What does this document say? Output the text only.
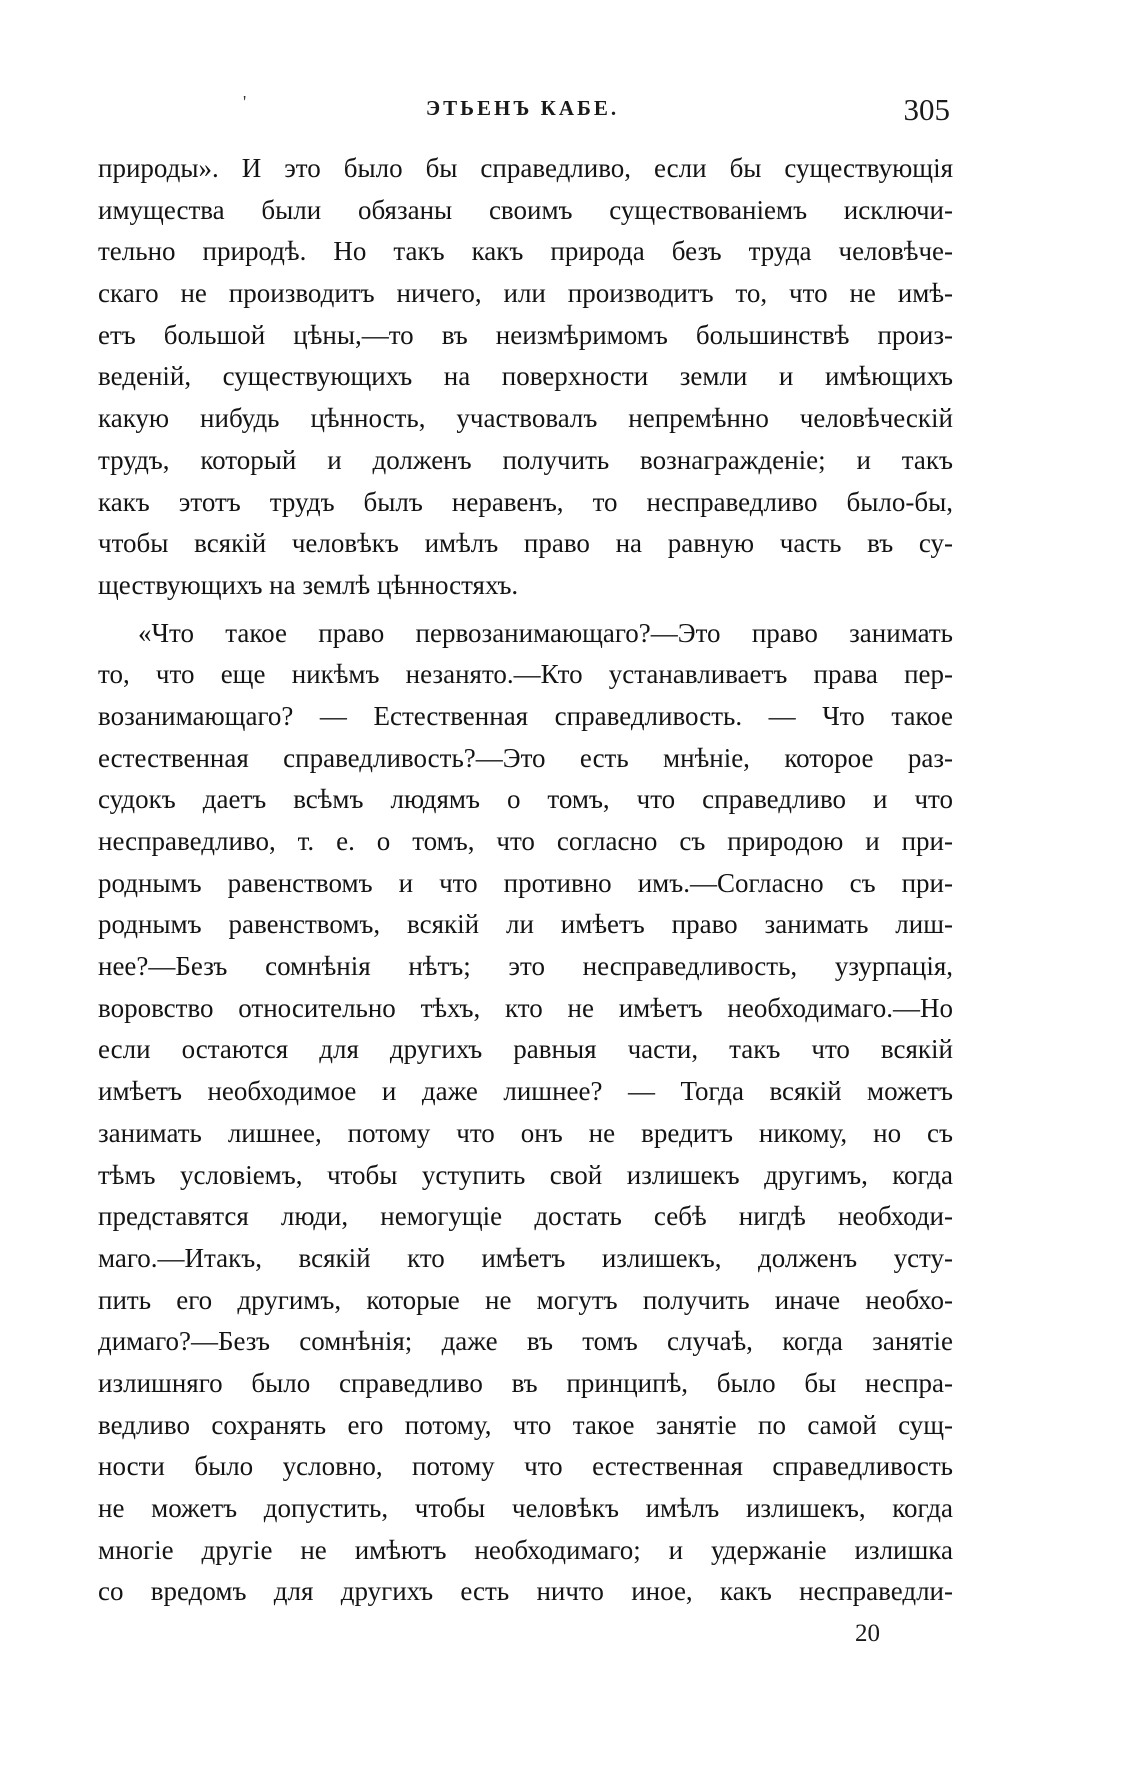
'	ЭТЬЕНЪ КАБЕ.	305
природы». И это было бы справедливо, если бы существующія
имущества были обязаны своимъ существованіемъ исключи-
тельно природѣ. Но такъ какъ природа безъ труда человѣче-
скаго не производитъ ничего, или производитъ то, что не имѣ-
етъ большой цѣны,—то въ неизмѣримомъ большинствѣ произ-
веденій, существующихъ на поверхности земли и имѣющихъ
какую нибудь цѣнность, участвовалъ непремѣнно человѣческій
трудъ, который и долженъ получить вознагражденіе; и такъ
какъ этотъ трудъ былъ неравенъ, то несправедливо было-бы,
чтобы всякій человѣкъ имѣлъ право на равную часть въ су-
ществующихъ на землѣ цѣнностяхъ.
«Что такое право первозанимающаго?—Это право занимать
то, что еще никѣмъ незанято.—Кто устанавливаетъ права пер-
возанимающаго? — Естественная справедливость. — Что такое
естественная справедливость?—Это есть мнѣніе, которое раз-
судокъ даетъ всѣмъ людямъ о томъ, что справедливо и что
несправедливо, т. е. о томъ, что согласно съ природою и при-
роднымъ равенствомъ и что противно имъ.—Согласно съ при-
роднымъ равенствомъ, всякій ли имѣетъ право занимать лиш-
нее?—Безъ сомнѣнія нѣтъ; это несправедливость, узурпація,
воровство относительно тѣхъ, кто не имѣетъ необходимаго.—Но
если остаются для другихъ равныя части, такъ что всякій
имѣетъ необходимое и даже лишнее? — Тогда всякій можетъ
занимать лишнее, потому что онъ не вредитъ никому, но съ
тѣмъ условіемъ, чтобы уступить свой излишекъ другимъ, когда
представятся люди, немогущіе достать себѣ нигдѣ необходи-
маго.—Итакъ, всякій кто имѣетъ излишекъ, долженъ усту-
пить его другимъ, которые не могутъ получить иначе необхо-
димаго?—Безъ сомнѣнія; даже въ томъ случаѣ, когда занятіе
излишняго было справедливо въ принципѣ, было бы неспра-
ведливо сохранять его потому, что такое занятіе по самой сущ-
ности было условно, потому что естественная справедливость
не можетъ допустить, чтобы человѣкъ имѣлъ излишекъ, когда
многіе другіе не имѣютъ необходимаго; и удержаніе излишка
со вредомъ для другихъ есть ничто иное, какъ несправедли-
20
